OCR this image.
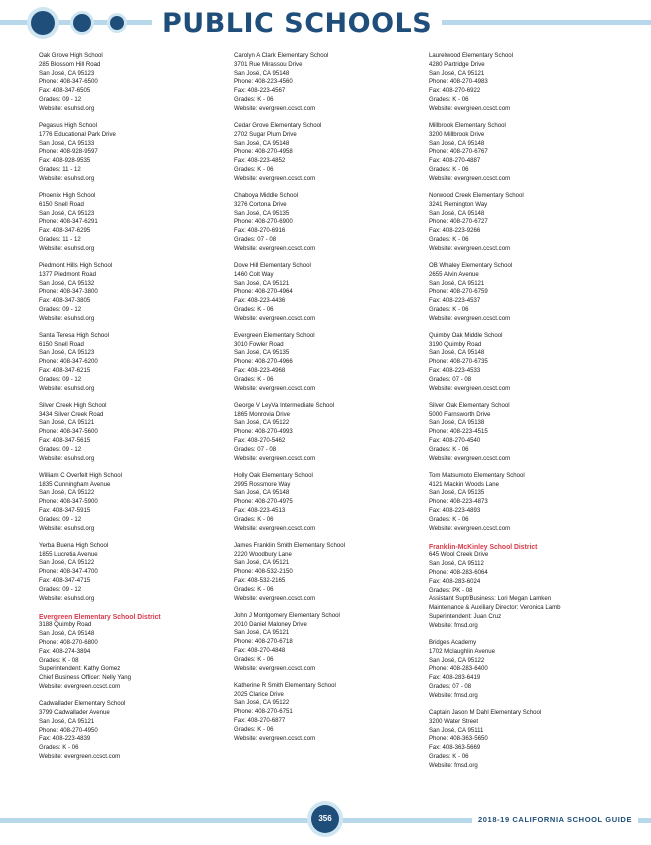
PUBLIC SCHOOLS
Oak Grove High School
285 Blossom Hill Road
San José, CA 95123
Phone: 408-347-6500
Fax: 408-347-6505
Grades: 09 - 12
Website: esuhsd.org
Pegasus High School
1776 Educational Park Drive
San José, CA 95133
Phone: 408-928-9597
Fax: 408-928-9535
Grades: 11 - 12
Website: esuhsd.org
Phoenix High School
6150 Snell Road
San José, CA 95123
Phone: 408-347-6291
Fax: 408-347-6295
Grades: 11 - 12
Website: esuhsd.org
Piedmont Hills High School
1377 Piedmont Road
San José, CA 95132
Phone: 408-347-3800
Fax: 408-347-3805
Grades: 09 - 12
Website: esuhsd.org
Santa Teresa High School
6150 Snell Road
San José, CA 95123
Phone: 408-347-6200
Fax: 408-347-6215
Grades: 09 - 12
Website: esuhsd.org
Silver Creek High School
3434 Silver Creek Road
San José, CA 95121
Phone: 408-347-5600
Fax: 408-347-5615
Grades: 09 - 12
Website: esuhsd.org
William C Overfelt High School
1835 Cunningham Avenue
San José, CA 95122
Phone: 408-347-5900
Fax: 408-347-5915
Grades: 09 - 12
Website: esuhsd.org
Yerba Buena High School
1855 Lucretia Avenue
San José, CA 95122
Phone: 408-347-4700
Fax: 408-347-4715
Grades: 09 - 12
Website: esuhsd.org
Evergreen Elementary School District
3188 Quimby Road
San José, CA 95148
Phone: 408-270-6800
Fax: 408-274-3894
Grades: K - 08
Superintendent: Kathy Gomez
Chief Business Officer: Nelly Yang
Website: evergreen.ccsct.com
Cadwallader Elementary School
3799 Cadwallader Avenue
San José, CA 95121
Phone: 408-270-4950
Fax: 408-223-4839
Grades: K - 06
Website: evergreen.ccsct.com
Carolyn A Clark Elementary School
3701 Rue Mirassou Drive
San José, CA 95148
Phone: 408-223-4560
Fax: 408-223-4567
Grades: K - 06
Website: evergreen.ccsct.com
Cedar Grove Elementary School
2702 Sugar Plum Drive
San José, CA 95148
Phone: 408-270-4958
Fax: 408-223-4852
Grades: K - 06
Website: evergreen.ccsct.com
Chaboya Middle School
3276 Cortona Drive
San José, CA 95135
Phone: 408-270-6900
Fax: 408-270-6916
Grades: 07 - 08
Website: evergreen.ccsct.com
Dove Hill Elementary School
1460 Colt Way
San José, CA 95121
Phone: 408-270-4964
Fax: 408-223-4436
Grades: K - 06
Website: evergreen.ccsct.com
Evergreen Elementary School
3010 Fowler Road
San José, CA 95135
Phone: 408-270-4966
Fax: 408-223-4968
Grades: K - 06
Website: evergreen.ccsct.com
George V LeyVa Intermediate School
1865 Monrovia Drive
San José, CA 95122
Phone: 408-270-4993
Fax: 408-270-5462
Grades: 07 - 08
Website: evergreen.ccsct.com
Holly Oak Elementary School
2995 Rossmore Way
San José, CA 95148
Phone: 408-270-4975
Fax: 408-223-4513
Grades: K - 06
Website: evergreen.ccsct.com
James Franklin Smith Elementary School
2220 Woodbury Lane
San José, CA 95121
Phone: 408-532-2150
Fax: 408-532-2165
Grades: K - 06
Website: evergreen.ccsct.com
John J Montgomery Elementary School
2010 Daniel Maloney Drive
San José, CA 95121
Phone: 408-270-6718
Fax: 408-270-4848
Grades: K - 06
Website: evergreen.ccsct.com
Katherine R Smith Elementary School
2025 Clarice Drive
San José, CA 95122
Phone: 408-270-6751
Fax: 408-270-6877
Grades: K - 06
Website: evergreen.ccsct.com
Laurelwood Elementary School
4280 Partridge Drive
San José, CA 95121
Phone: 408-270-4983
Fax: 408-270-6922
Grades: K - 06
Website: evergreen.ccsct.com
Millbrook Elementary School
3200 Millbrook Drive
San José, CA 95148
Phone: 408-270-6767
Fax: 408-270-4887
Grades: K - 06
Website: evergreen.ccsct.com
Norwood Creek Elementary School
3241 Remington Way
San José, CA 95148
Phone: 408-270-6727
Fax: 408-223-9266
Grades: K - 06
Website: evergreen.ccsct.com
OB Whaley Elementary School
2655 Alvin Avenue
San José, CA 95121
Phone: 408-270-6759
Fax: 408-223-4537
Grades: K - 06
Website: evergreen.ccsct.com
Quimby Oak Middle School
3190 Quimby Road
San José, CA 95148
Phone: 408-270-6735
Fax: 408-223-4533
Grades: 07 - 08
Website: evergreen.ccsct.com
Silver Oak Elementary School
5000 Farnsworth Drive
San José, CA 95138
Phone: 408-223-4515
Fax: 408-270-4540
Grades: K - 06
Website: evergreen.ccsct.com
Tom Matsumoto Elementary School
4121 Mackin Woods Lane
San José, CA 95135
Phone: 408-223-4873
Fax: 408-223-4893
Grades: K - 06
Website: evergreen.ccsct.com
Franklin-McKinley School District
645 Wool Creek Drive
San José, CA 95112
Phone: 408-283-6064
Fax: 408-283-6024
Grades: PK - 08
Assistant Supt/Business: Lori Megan Lamken
Maintenance & Auxiliary Director: Veronica Lamb
Superintendent: Juan Cruz
Website: fmsd.org
Bridges Academy
1702 Mclaughlin Avenue
San José, CA 95122
Phone: 408-283-6400
Fax: 408-283-6419
Grades: 07 - 08
Website: fmsd.org
Captain Jason M Dahl Elementary School
3200 Water Street
San José, CA 95111
Phone: 408-363-5650
Fax: 408-363-5669
Grades: K - 06
Website: fmsd.org
356	2018-19 CALIFORNIA SCHOOL GUIDE
